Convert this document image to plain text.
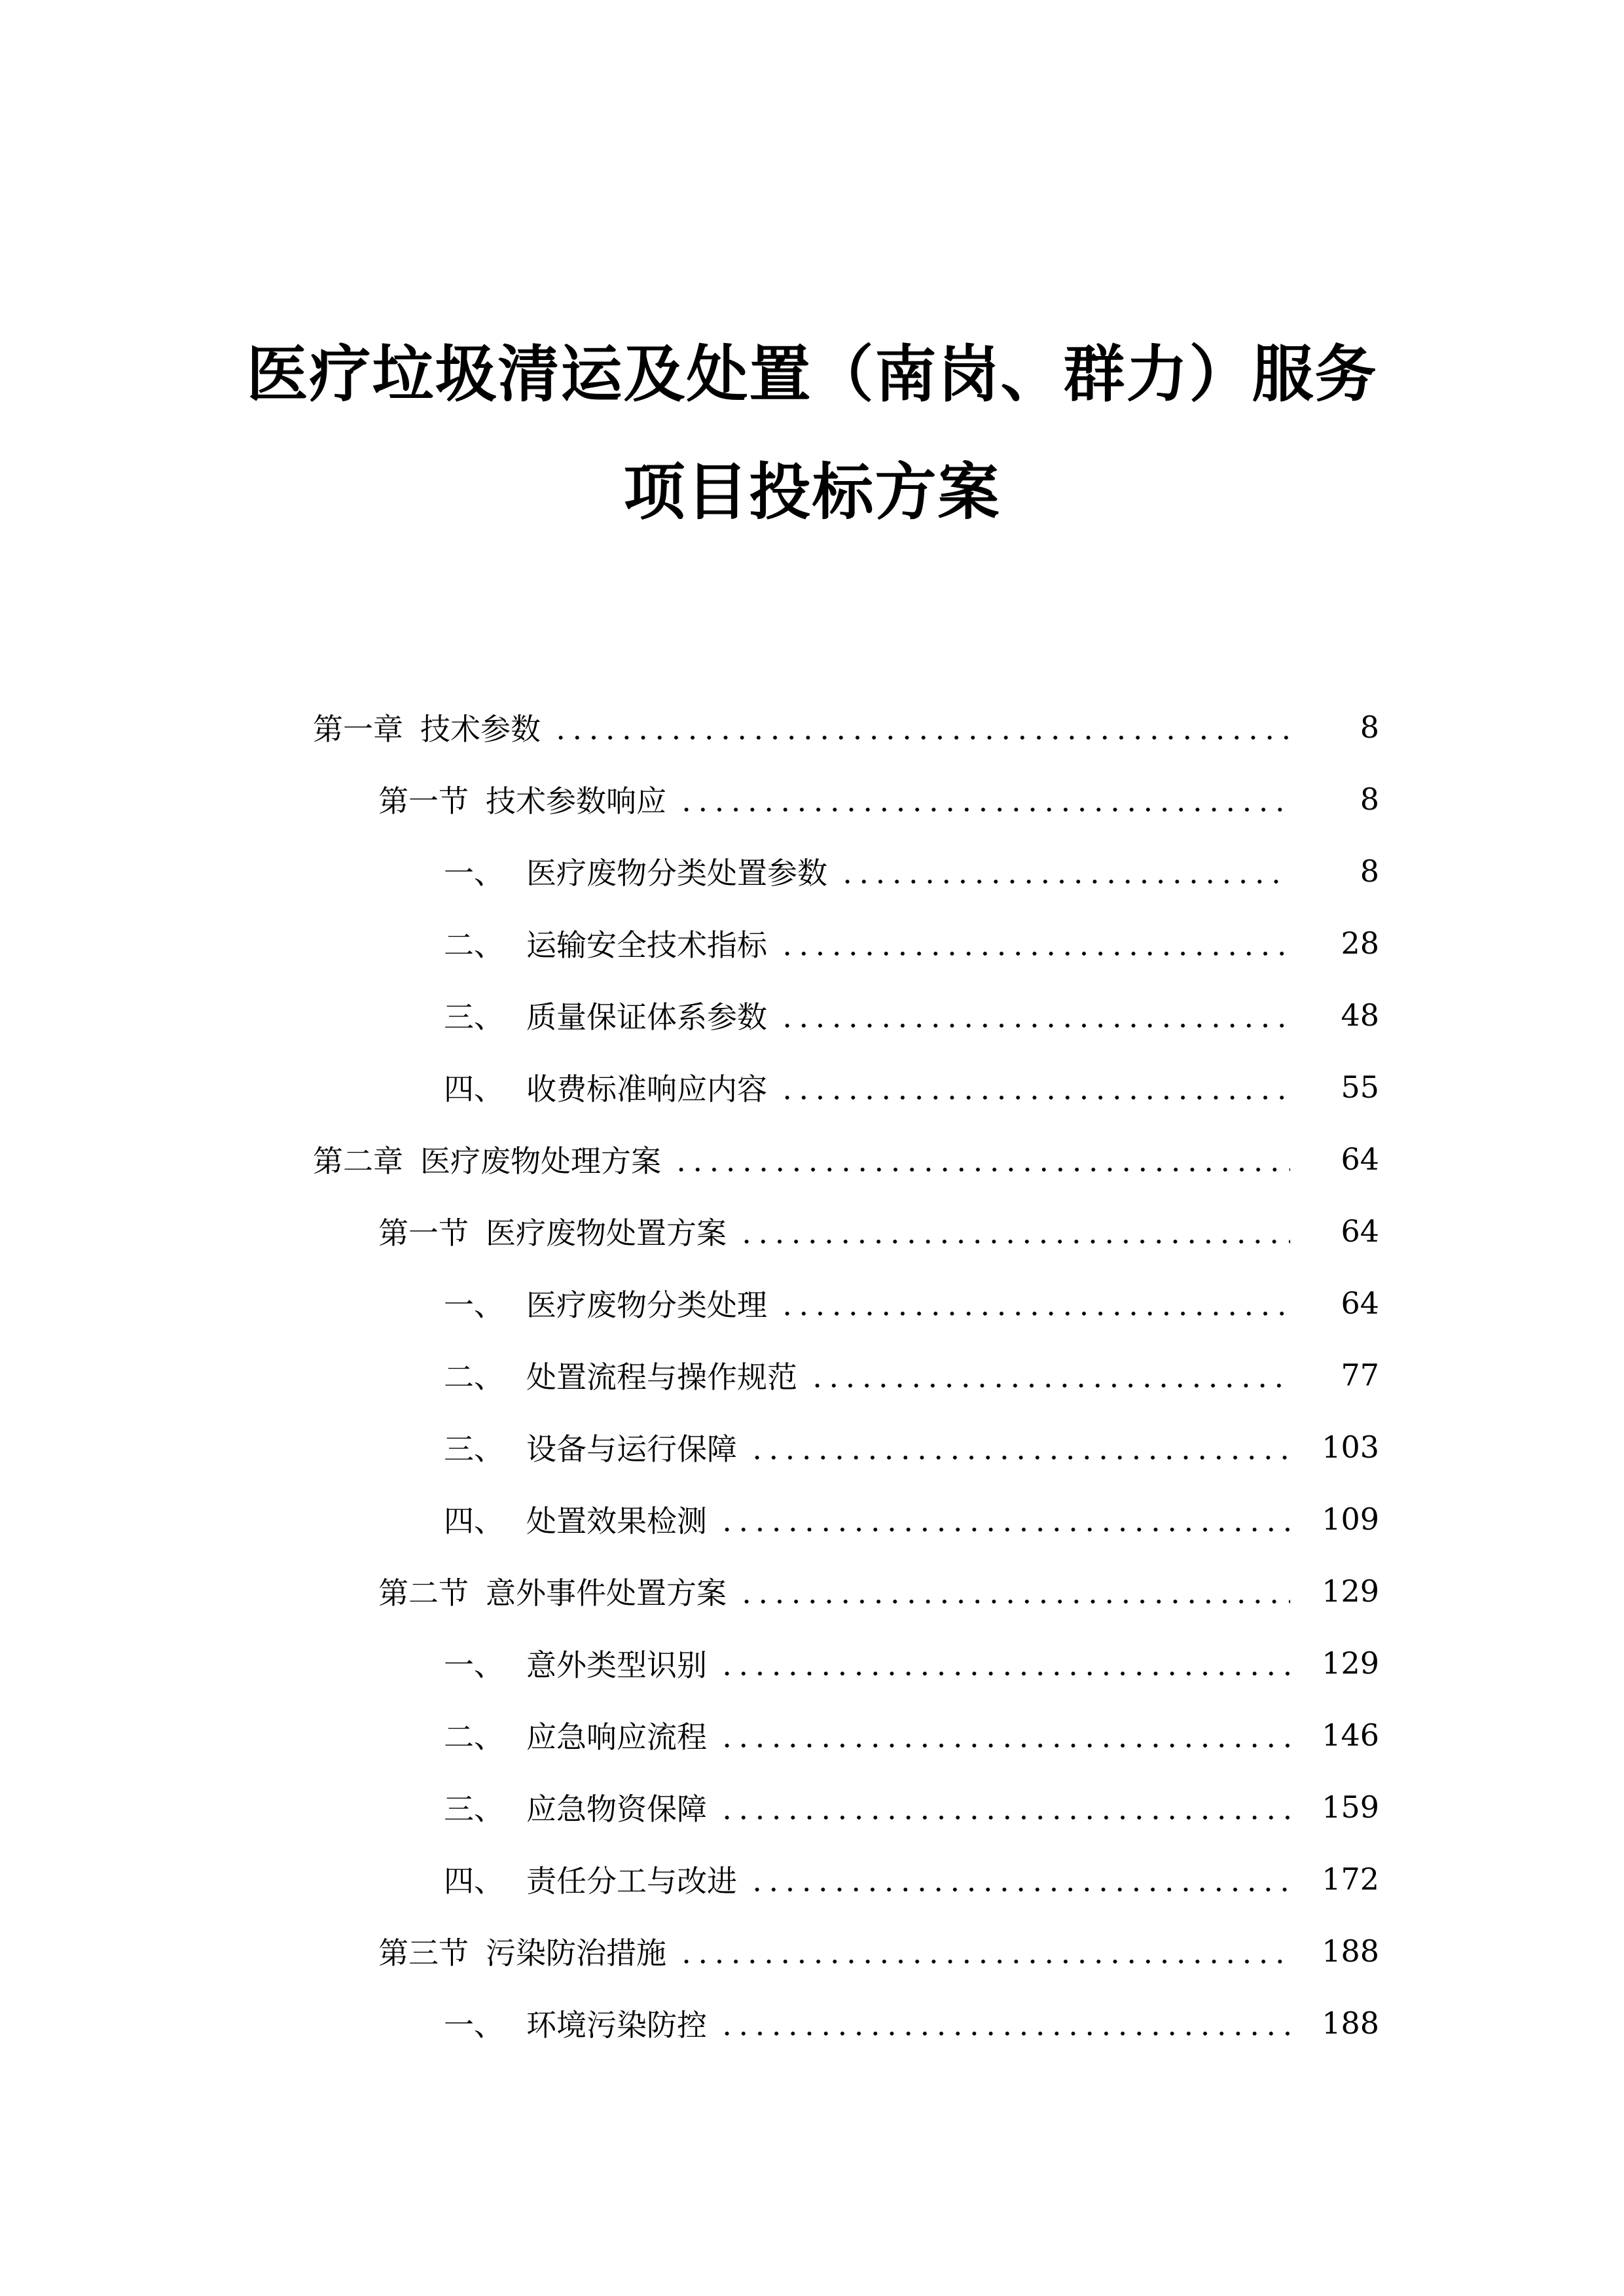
医疗垃圾清运及处置（南岗、群力）服务
项目投标方案
第一章 技术参数	8
第一节 技术参数响应	8
一、 医疗废物分类处置参数	8
二、 运输安全技术指标	28
三、 质量保证体系参数	48
四、 收费标准响应内容	55
第二章 医疗废物处理方案	64
第一节 医疗废物处置方案	64
一、 医疗废物分类处理	64
二、 处置流程与操作规范	77
三、 设备与运行保障	103
四、 处置效果检测	109
第二节 意外事件处置方案	129
一、 意外类型识别	129
二、 应急响应流程	146
三、 应急物资保障	159
四、 责任分工与改进	172
第三节 污染防治措施	188
一、 环境污染防控	188
